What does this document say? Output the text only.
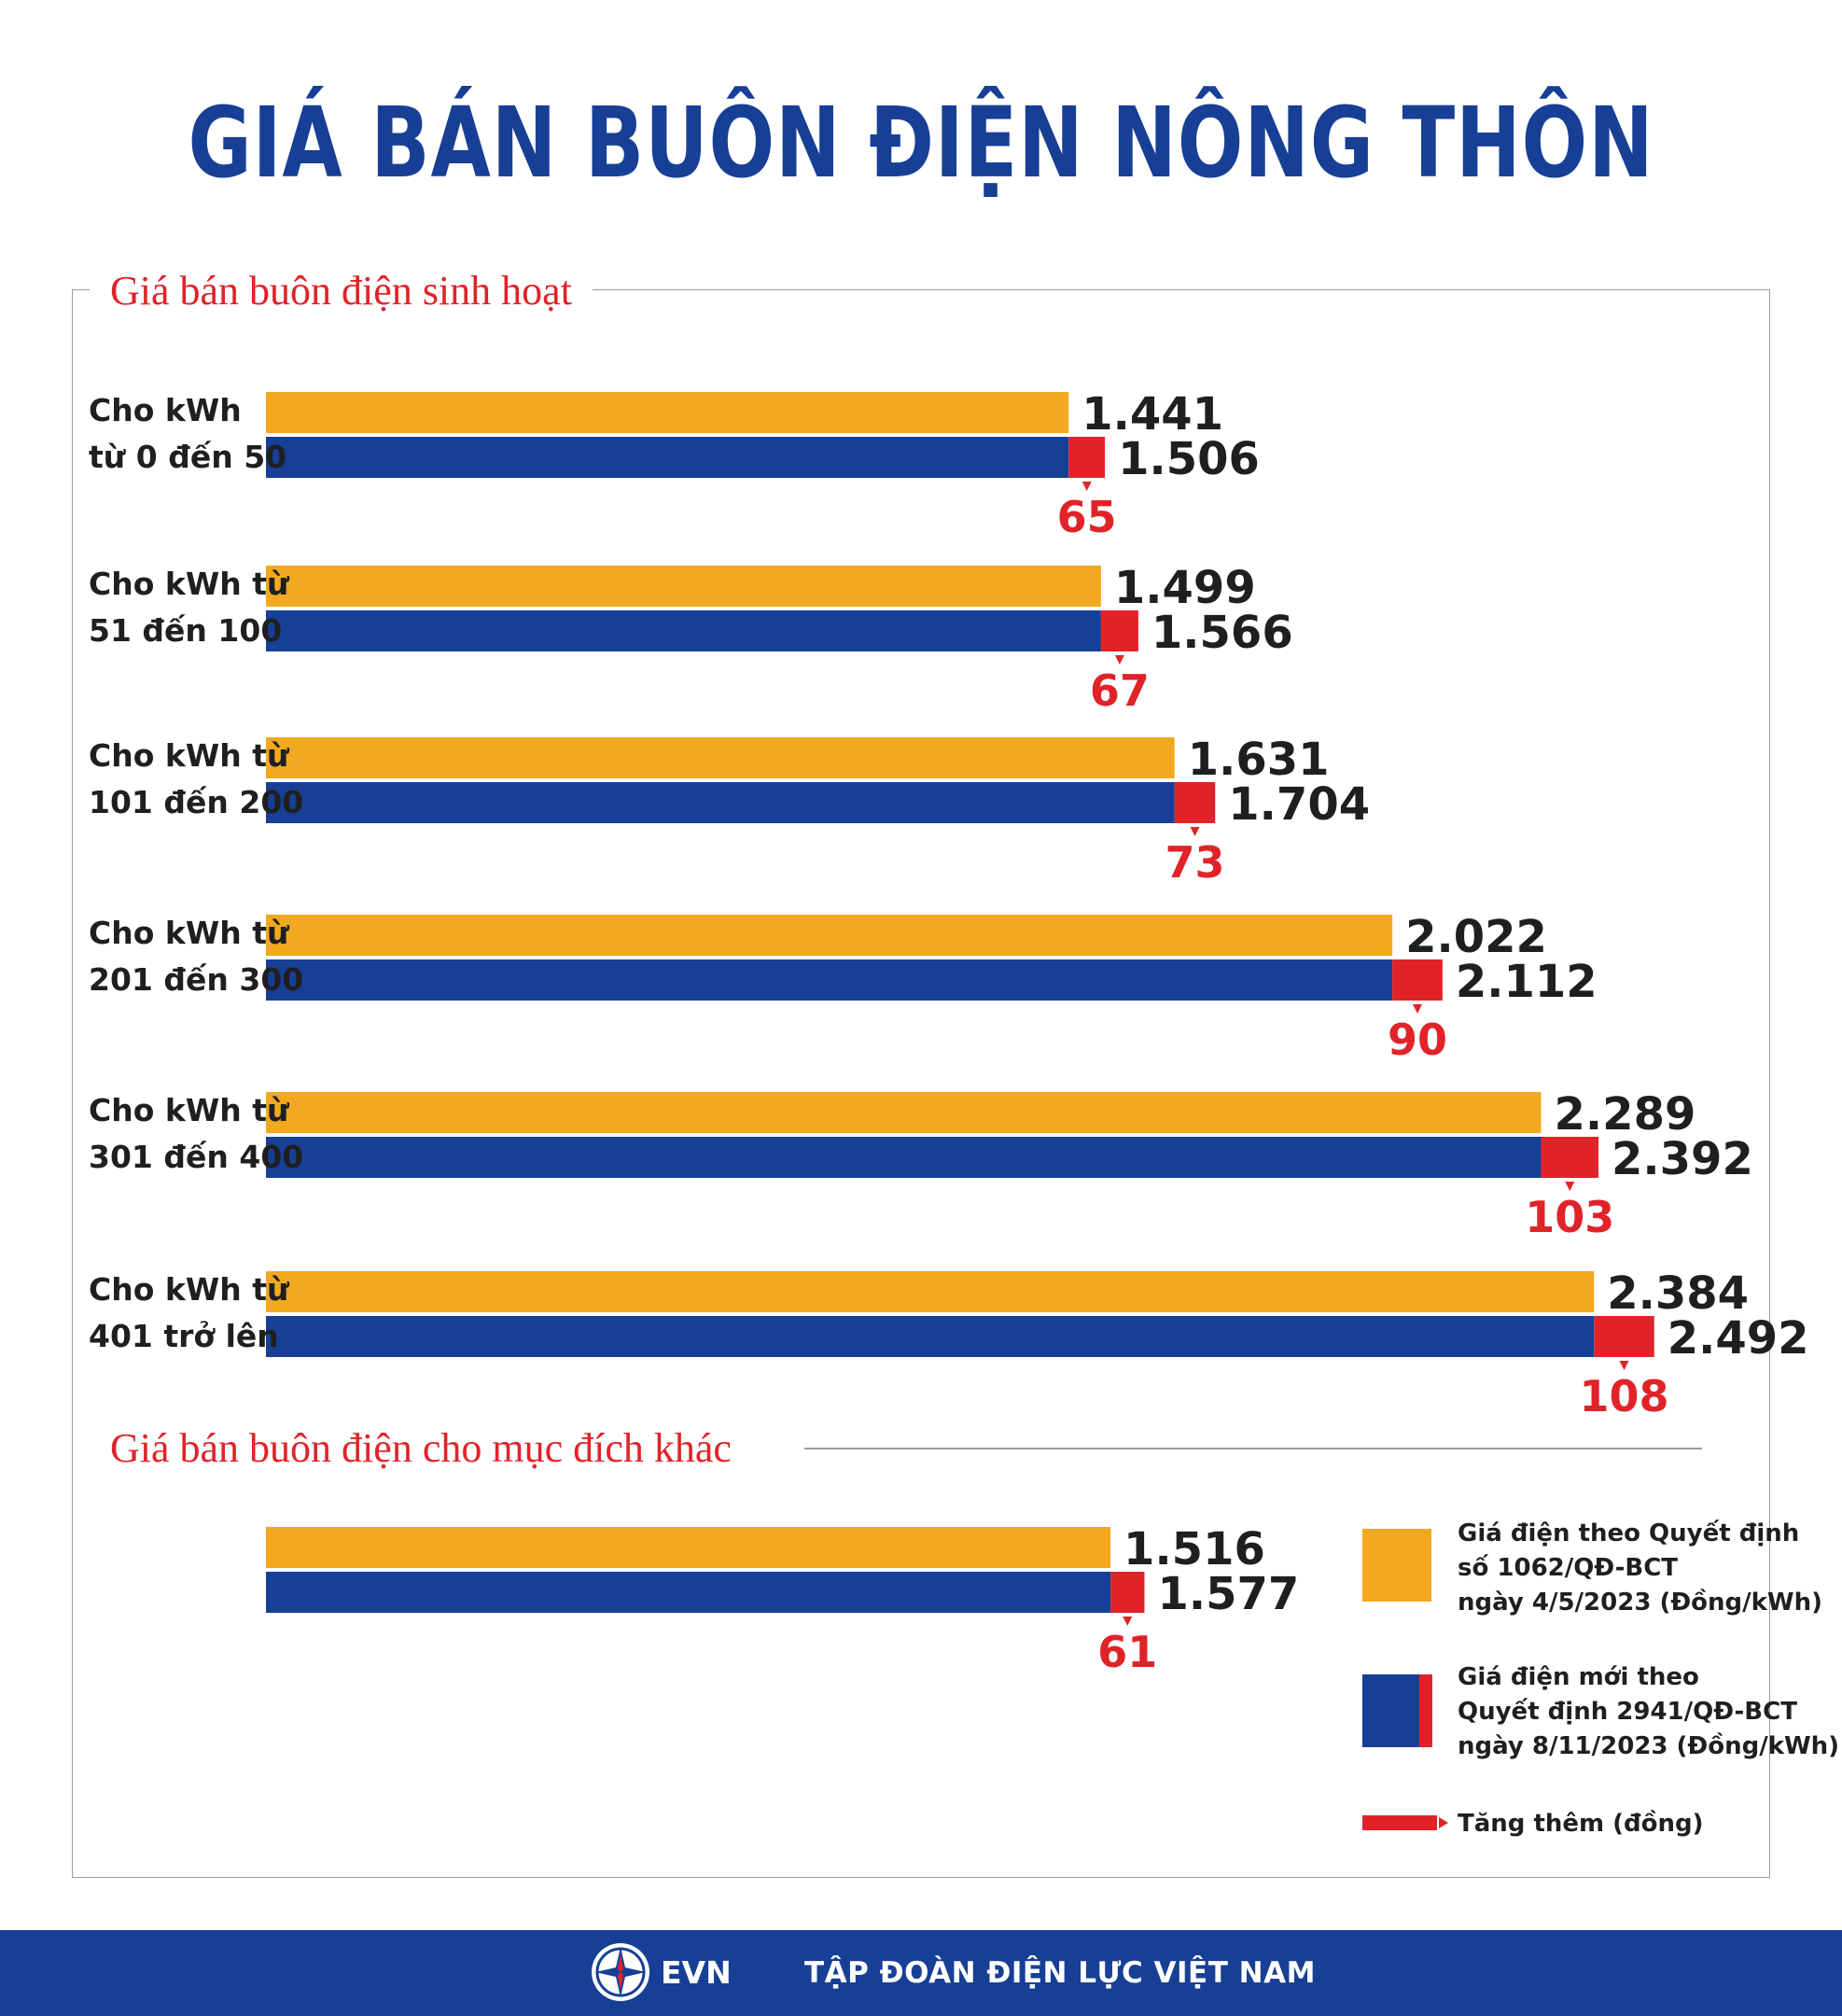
GIÁ BÁN BUÔN ĐIỆN NÔNG THÔN
Giá bán buôn điện sinh hoạt
Giá bán buôn điện cho mục đích khác
1.441
1.506
65
Cho kWh
từ 0 đến 50
1.499
1.566
67
Cho kWh từ
51 đến 100
1.631
1.704
73
Cho kWh từ
101 đến 200
2.022
2.112
90
Cho kWh từ
201 đến 300
2.289
2.392
103
Cho kWh từ
301 đến 400
2.384
2.492
108
Cho kWh từ
401 trở lên
1.516
1.577
61
Giá điện theo Quyết định
số 1062/QĐ-BCT
ngày 4/5/2023 (Đồng/kWh)
Giá điện mới theo
Quyết định 2941/QĐ-BCT
ngày 8/11/2023 (Đồng/kWh)
Tăng thêm (đồng)
EVN	TẬP ĐOÀN ĐIỆN LỰC VIỆT NAM
